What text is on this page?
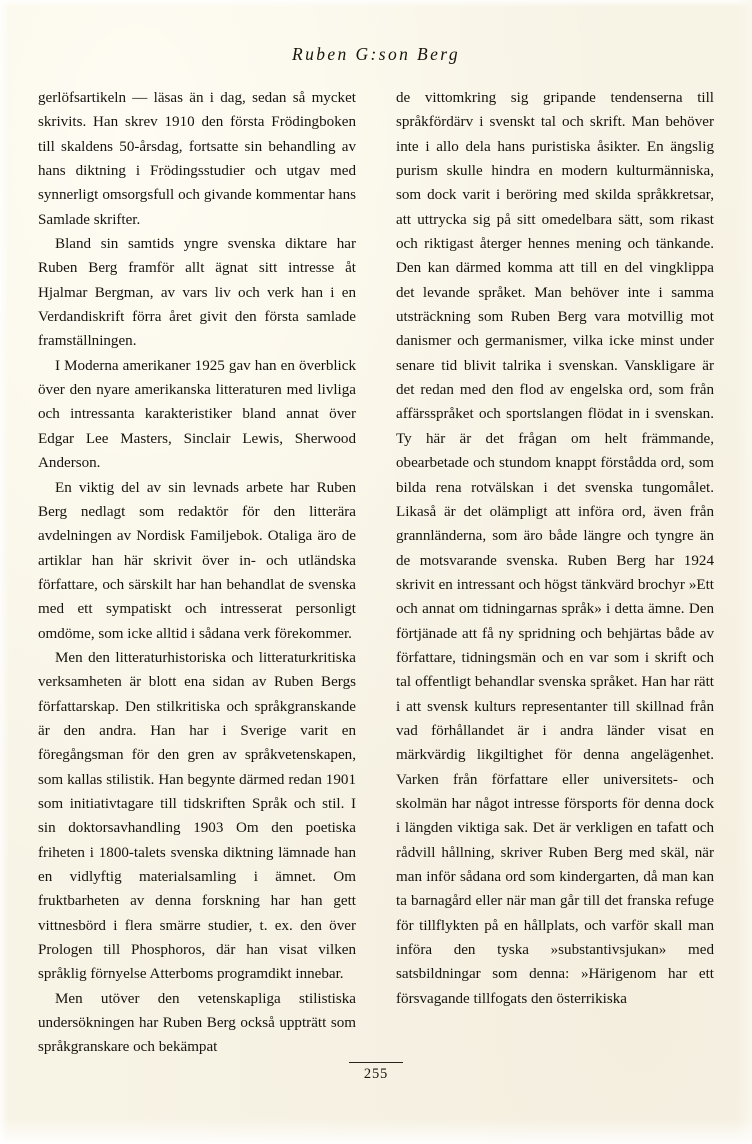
Ruben G:son Berg

gerlöfsartikeln — läsas än i dag, sedan så mycket skrivits. Han skrev 1910 den första Frödingboken till skaldens 50-årsdag, fortsatte sin behandling av hans diktning i Frödingsstudier och utgav med synnerligt omsorgsfull och givande kommentar hans Samlade skrifter.

Bland sin samtids yngre svenska diktare har Ruben Berg framför allt ägnat sitt intresse åt Hjalmar Bergman, av vars liv och verk han i en Verdandiskrift förra året givit den första samlade framställningen.

I Moderna amerikaner 1925 gav han en överblick över den nyare amerikanska litteraturen med livliga och intressanta karakteristiker bland annat över Edgar Lee Masters, Sinclair Lewis, Sherwood Anderson.

En viktig del av sin levnads arbete har Ruben Berg nedlagt som redaktör för den litterära avdelningen av Nordisk Familjebok. Otaliga äro de artiklar han här skrivit över in- och utländska författare, och särskilt har han behandlat de svenska med ett sympatiskt och intresserat personligt omdöme, som icke alltid i sådana verk förekommer.

Men den litteraturhistoriska och litteraturkritiska verksamheten är blott ena sidan av Ruben Bergs författarskap. Den stilkritiska och språkgranskande är den andra. Han har i Sverige varit en föregångsman för den gren av språkvetenskapen, som kallas stilistik. Han begynte därmed redan 1901 som initiativtagare till tidskriften Språk och stil. I sin doktorsavhandling 1903 Om den poetiska friheten i 1800-talets svenska diktning lämnade han en vidlyftig materialsamling i ämnet. Om fruktbarheten av denna forskning har han gett vittnesbörd i flera smärre studier, t. ex. den över Prologen till Phosphoros, där han visat vilken språklig förnyelse Atterboms programdikt innebar.

Men utöver den vetenskapliga stilistiska undersökningen har Ruben Berg också uppträtt som språkgranskare och bekämpat

de vittomkring sig gripande tendenserna till språkfördärv i svenskt tal och skrift. Man behöver inte i allo dela hans puristiska åsikter. En ängslig purism skulle hindra en modern kulturmänniska, som dock varit i beröring med skilda språkkretsar, att uttrycka sig på sitt omedelbara sätt, som rikast och riktigast återger hennes mening och tänkande. Den kan därmed komma att till en del vingklippa det levande språket. Man behöver inte i samma utsträckning som Ruben Berg vara motvillig mot danismer och germanismer, vilka icke minst under senare tid blivit talrika i svenskan. Vanskligare är det redan med den flod av engelska ord, som från affärsspråket och sportslangen flödat in i svenskan. Ty här är det frågan om helt främmande, obearbetade och stundom knappt förstådda ord, som bilda rena rotvälskan i det svenska tungomålet. Likaså är det olämpligt att införa ord, även från grannländerna, som äro både längre och tyngre än de motsvarande svenska. Ruben Berg har 1924 skrivit en intressant och högst tänkvärd brochyr »Ett och annat om tidningarnas språk» i detta ämne. Den förtjänade att få ny spridning och behjärtas både av författare, tidningsmän och en var som i skrift och tal offentligt behandlar svenska språket. Han har rätt i att svensk kulturs representanter till skillnad från vad förhållandet är i andra länder visat en märkvärdig likgiltighet för denna angelägenhet. Varken från författare eller universitets- och skolmän har något intresse försports för denna dock i längden viktiga sak. Det är verkligen en tafatt och rådvill hållning, skriver Ruben Berg med skäl, när man inför sådana ord som kindergarten, då man kan ta barnagård eller när man går till det franska refuge för tillflykten på en hållplats, och varför skall man införa den tyska »substantivsjukan» med satsbildningar som denna: »Härigenom har ett försvagande tillfogats den österrikiska

255
